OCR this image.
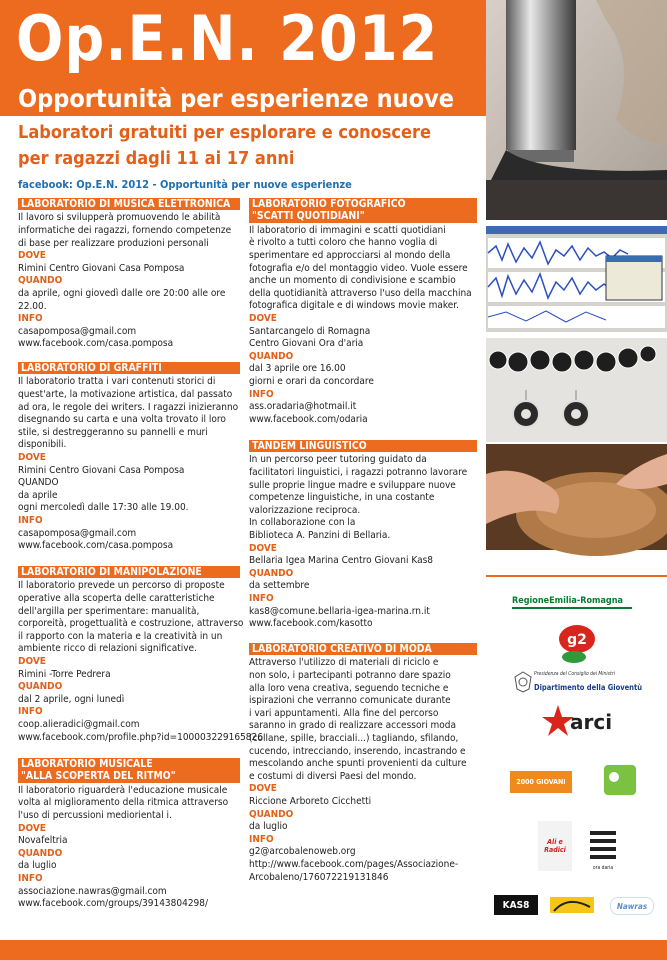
Op.E.N. 2012
Opportunità per esperienze nuove
Laboratori gratuiti per esplorare e conoscere
per ragazzi dagli 11 ai 17 anni
facebook: Op.E.N. 2012 - Opportunità per nuove esperienze
LABORATORIO DI MUSICA ELETTRONICA

Il lavoro si svilupperà promuovendo le abilità

informatiche dei ragazzi, fornendo competenze

di base per realizzare produzioni personali

DOVE

Rimini Centro Giovani Casa Pomposa

QUANDO

da aprile, ogni giovedì dalle ore 20:00 alle ore

22.00.

INFO

casapomposa@gmail.com

www.facebook.com/casa.pomposa

LABORATORIO DI GRAFFITI

Il laboratorio tratta i vari contenuti storici di

quest'arte, la motivazione artistica, dal passato

ad ora, le regole dei writers. I ragazzi inizieranno

disegnando su carta e una volta trovato il loro

stile, si destreggeranno su pannelli e muri

disponibili.

DOVE

Rimini Centro Giovani Casa Pomposa

QUANDO

da aprile

ogni mercoledì dalle 17:30 alle 19.00.

INFO

casapomposa@gmail.com

www.facebook.com/casa.pomposa

LABORATORIO DI MANIPOLAZIONE

Il laboratorio prevede un percorso di proposte

operative alla scoperta delle caratteristiche

dell'argilla per sperimentare: manualità,

corporeità, progettualità e costruzione, attraverso

il rapporto con la materia e la creatività in un

ambiente ricco di relazioni significative.

DOVE

Rimini -Torre Pedrera

QUANDO

dal 2 aprile, ogni lunedì

INFO

coop.alieradici@gmail.com

www.facebook.com/profile.php?id=100003229165826

LABORATORIO MUSICALE
"ALLA SCOPERTA DEL RITMO"

Il laboratorio riguarderà l'educazione musicale

volta al miglioramento della ritmica attraverso

l'uso di percussioni medioriental i.

DOVE

Novafeltria

QUANDO

da luglio

INFO

associazione.nawras@gmail.com

www.facebook.com/groups/39143804298/

LABORATORIO FOTOGRAFICO
"SCATTI QUOTIDIANI"

Il laboratorio di immagini e scatti quotidiani

è rivolto a tutti coloro che hanno voglia di

sperimentare ed approcciarsi al mondo della

fotografia e/o del montaggio video. Vuole essere

anche un momento di condivisione e scambio

della quotidianità attraverso l'uso della macchina

fotografica digitale e di windows movie maker.

DOVE

Santarcangelo di Romagna

Centro Giovani Ora d'aria

QUANDO

dal 3 aprile ore 16.00

giorni e orari da concordare

INFO

ass.oradaria@hotmail.it

www.facebook.com/odaria

TANDEM LINGUISTICO

In un percorso peer tutoring guidato da

facilitatori linguistici, i ragazzi potranno lavorare

sulle proprie lingue madre e sviluppare nuove

competenze linguistiche, in una costante

valorizzazione reciproca.

In collaborazione con la

Biblioteca A. Panzini di Bellaria.

DOVE

Bellaria Igea Marina Centro Giovani Kas8

QUANDO

da settembre

INFO

kas8@comune.bellaria-igea-marina.rn.it

www.facebook.com/kasotto

LABORATORIO CREATIVO DI MODA

Attraverso l'utilizzo di materiali di riciclo e

non solo, i partecipanti potranno dare spazio

alla loro vena creativa, seguendo tecniche e

ispirazioni che verranno comunicate durante

i vari appuntamenti. Alla fine del percorso

saranno in grado di realizzare accessori moda

(collane, spille, bracciali...) tagliando, sfilando,

cucendo, intrecciando, inserendo, incastrando e

mescolando anche spunti provenienti da culture

e costumi di diversi Paesi del mondo.

DOVE

Riccione Arboreto Cicchetti

QUANDO

da luglio

INFO

g2@arcobalenoweb.org

http://www.facebook.com/pages/Associazione-

Arcobaleno/176072219131846

RegioneEmilia-Romagna
g2
Presidenza del Consiglio dei Ministri
Dipartimento della Gioventù
arci
2000 GIOVANI
Ali e Radici
ora daria
KAS8	Nawras
